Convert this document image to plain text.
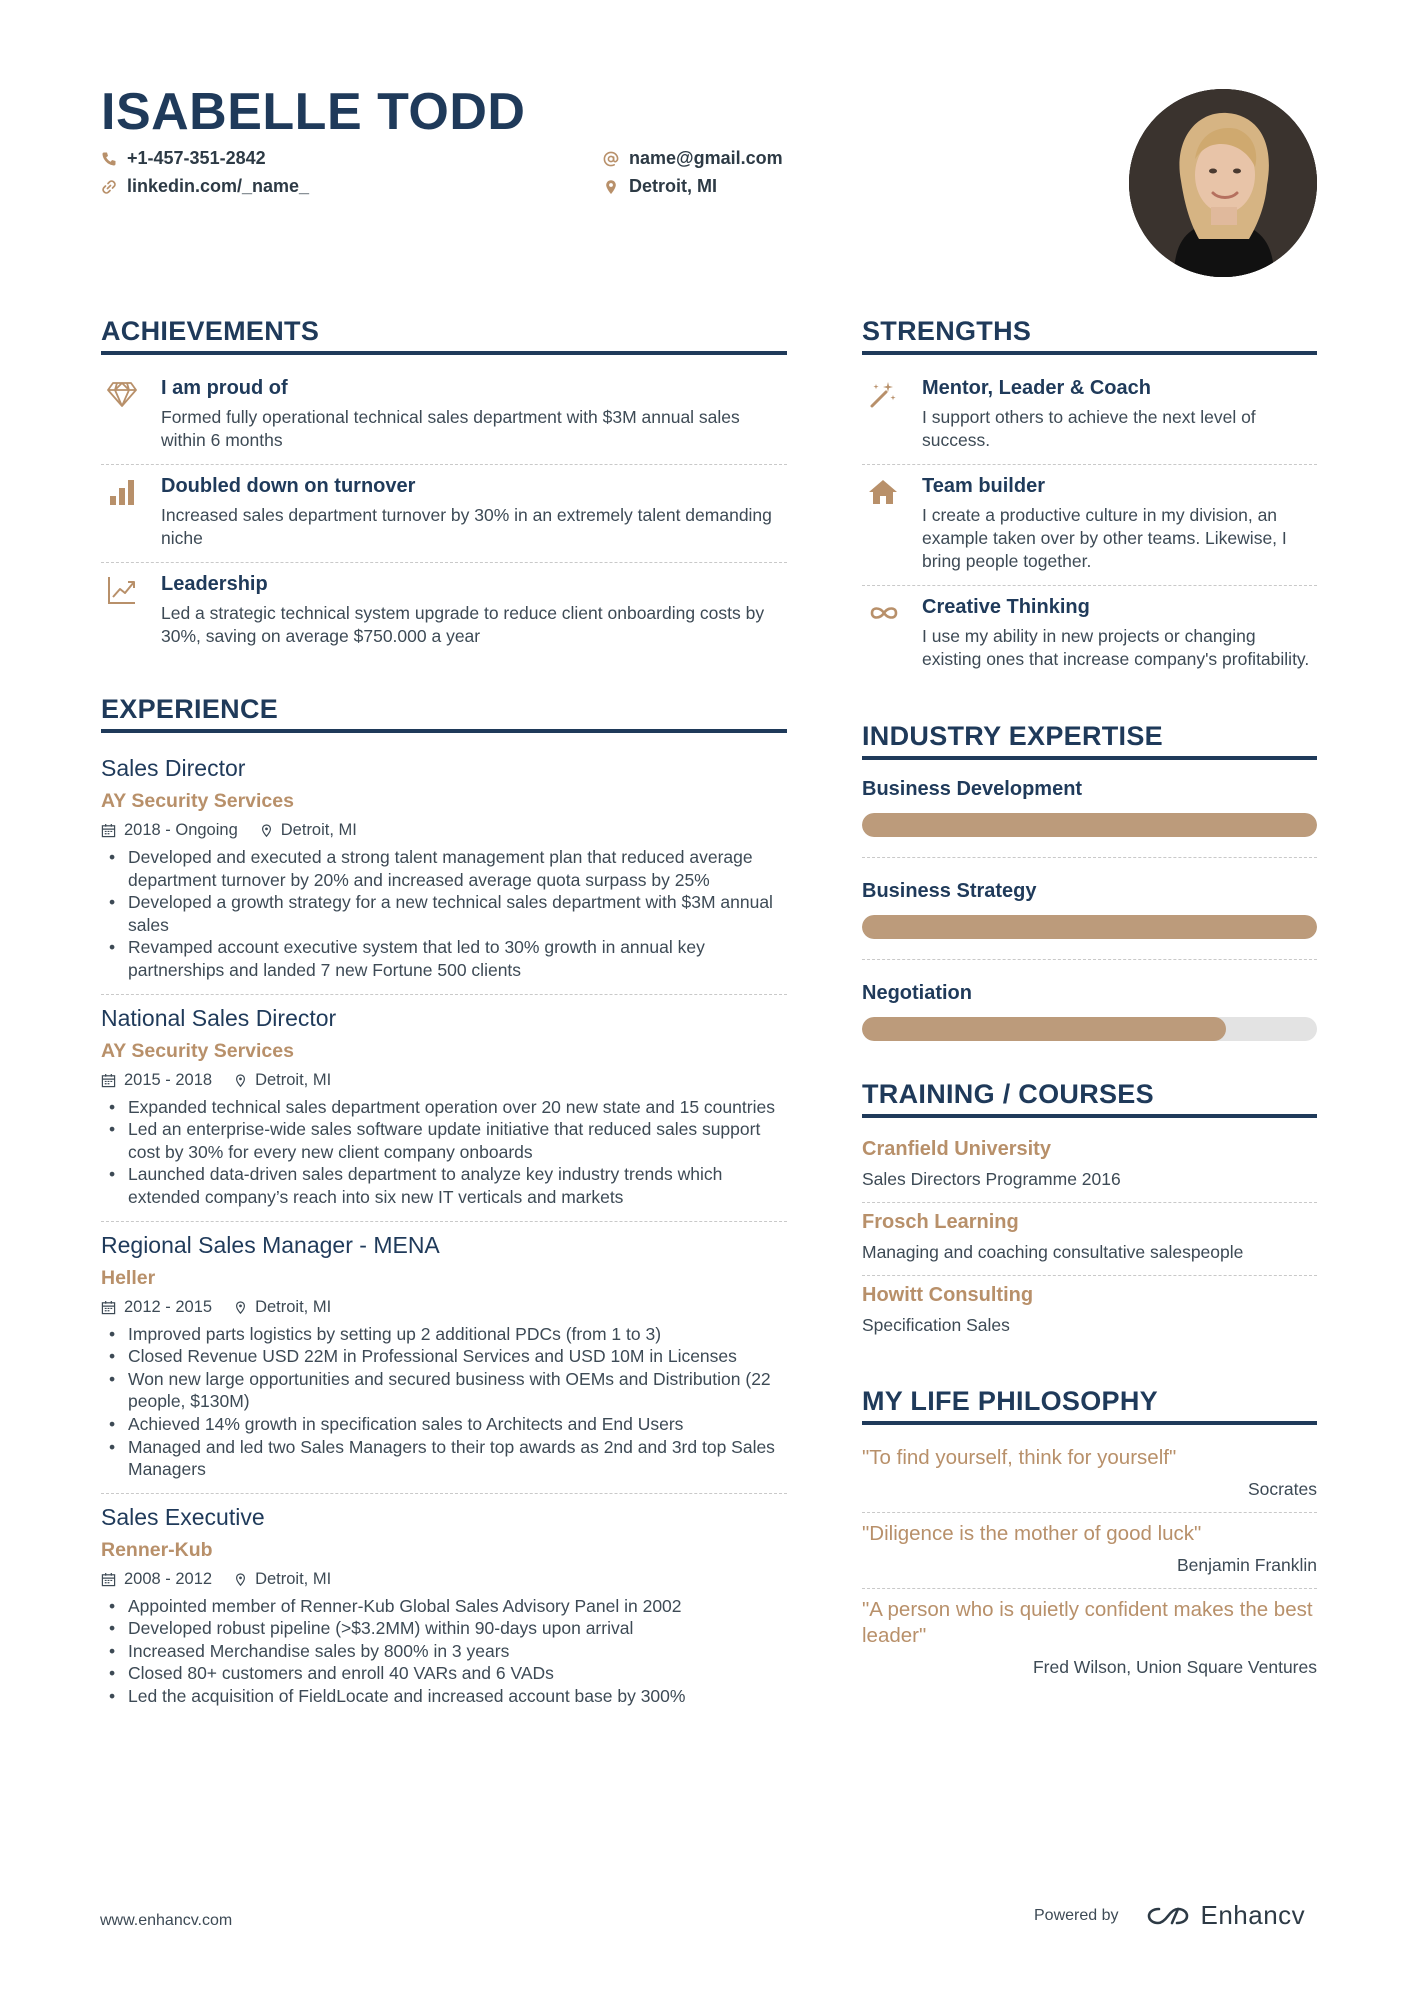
ISABELLE TODD
+1-457-351-2842
linkedin.com/_name_
name@gmail.com
Detroit, MI
ACHIEVEMENTS
I am proud of
Formed fully operational technical sales department with $3M annual sales within 6 months
Doubled down on turnover
Increased sales department turnover by 30% in an extremely talent demanding niche
Leadership
Led a strategic technical system upgrade to reduce client onboarding costs by 30%, saving on average $750.000 a year
EXPERIENCE
Sales Director
AY Security Services
2018 - Ongoing	Detroit, MI
• Developed and executed a strong talent management plan that reduced average department turnover by 20% and increased average quota surpass by 25%
• Developed a growth strategy for a new technical sales department with $3M annual sales
• Revamped account executive system that led to 30% growth in annual key partnerships and landed 7 new Fortune 500 clients
National Sales Director
AY Security Services
2015 - 2018	Detroit, MI
• Expanded technical sales department operation over 20 new state and 15 countries
• Led an enterprise-wide sales software update initiative that reduced sales support cost by 30% for every new client company onboards
• Launched data-driven sales department to analyze key industry trends which extended company’s reach into six new IT verticals and markets
Regional Sales Manager - MENA
Heller
2012 - 2015	Detroit, MI
• Improved parts logistics by setting up 2 additional PDCs (from 1 to 3)
• Closed Revenue USD 22M in Professional Services and USD 10M in Licenses
• Won new large opportunities and secured business with OEMs and Distribution (22 people, $130M)
• Achieved 14% growth in specification sales to Architects and End Users
• Managed and led two Sales Managers to their top awards as 2nd and 3rd top Sales Managers
Sales Executive
Renner-Kub
2008 - 2012	Detroit, MI
• Appointed member of Renner-Kub Global Sales Advisory Panel in 2002
• Developed robust pipeline (>$3.2MM) within 90-days upon arrival
• Increased Merchandise sales by 800% in 3 years
• Closed 80+ customers and enroll 40 VARs and 6 VADs
• Led the acquisition of FieldLocate and increased account base by 300%
STRENGTHS
Mentor, Leader & Coach
I support others to achieve the next level of success.
Team builder
I create a productive culture in my division, an example taken over by other teams. Likewise, I bring people together.
Creative Thinking
I use my ability in new projects or changing existing ones that increase company's profitability.
INDUSTRY EXPERTISE
Business Development
Business Strategy
Negotiation
TRAINING / COURSES
Cranfield University
Sales Directors Programme 2016
Frosch Learning
Managing and coaching consultative salespeople
Howitt Consulting
Specification Sales
MY LIFE PHILOSOPHY
"To find yourself, think for yourself"
Socrates
"Diligence is the mother of good luck"
Benjamin Franklin
"A person who is quietly confident makes the best leader"
Fred Wilson, Union Square Ventures
www.enhancv.com	Powered by	Enhancv
